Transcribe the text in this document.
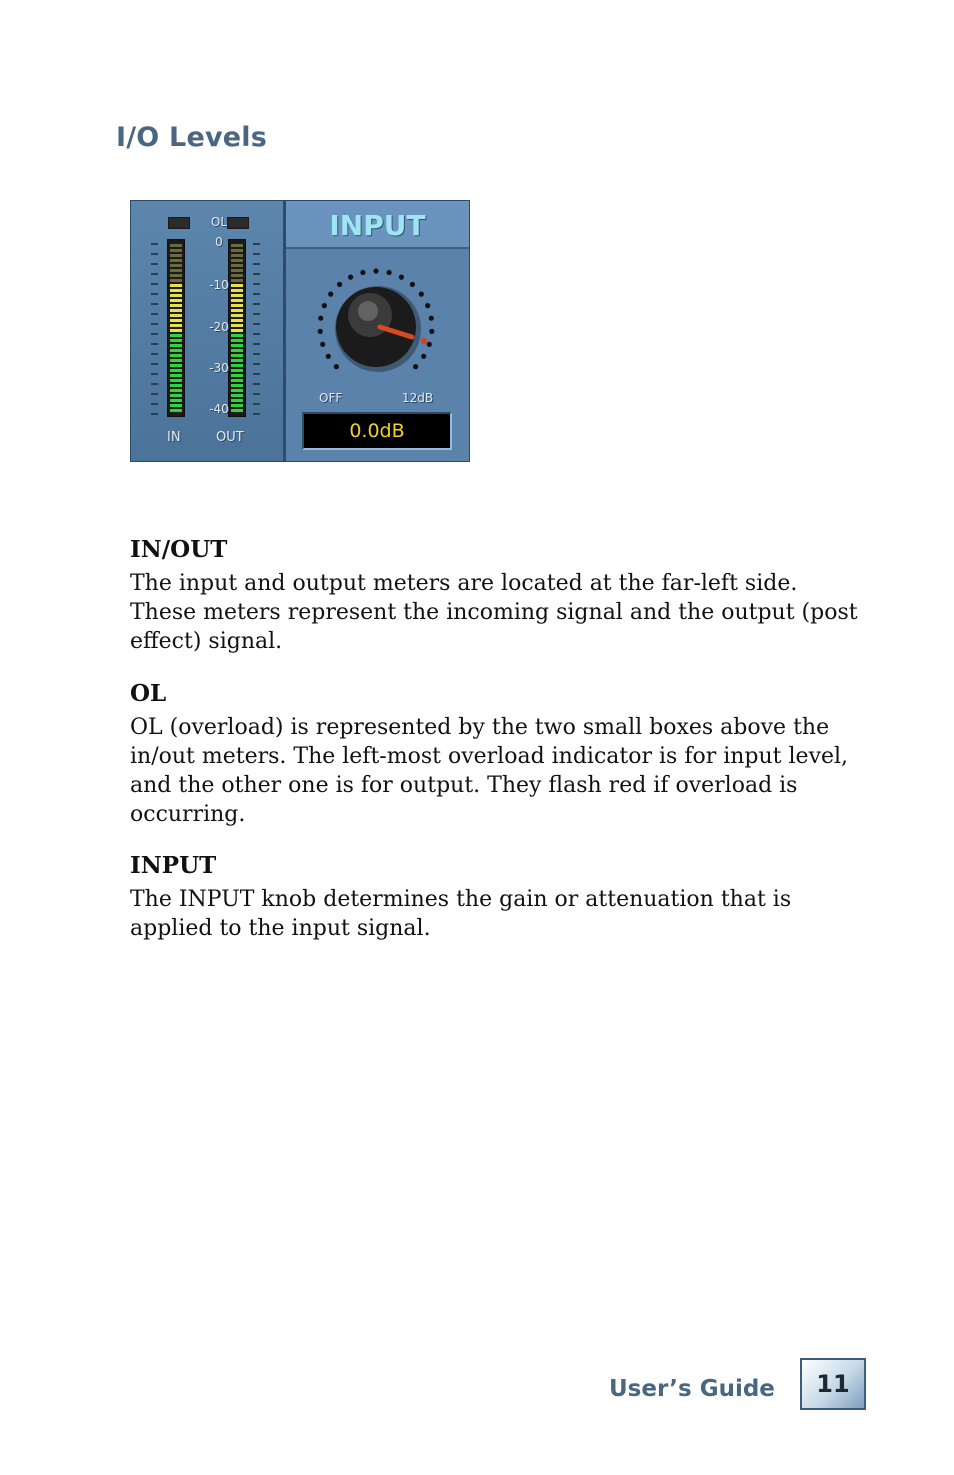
I/O Levels
OL
0
-10
-20
-30
-40
IN	OUT
INPUT
OFF	12dB
0.0dB
IN/OUT

The input and output meters are located at the far-left side. These meters represent the incoming signal and the output (post effect) signal.

OL

OL (overload) is represented by the two small boxes above the in/out meters. The left-most overload indicator is for input level, and the other one is for output. They flash red if overload is occurring.

INPUT

The INPUT knob determines the gain or attenuation that is applied to the input signal.

User’s Guide	11
